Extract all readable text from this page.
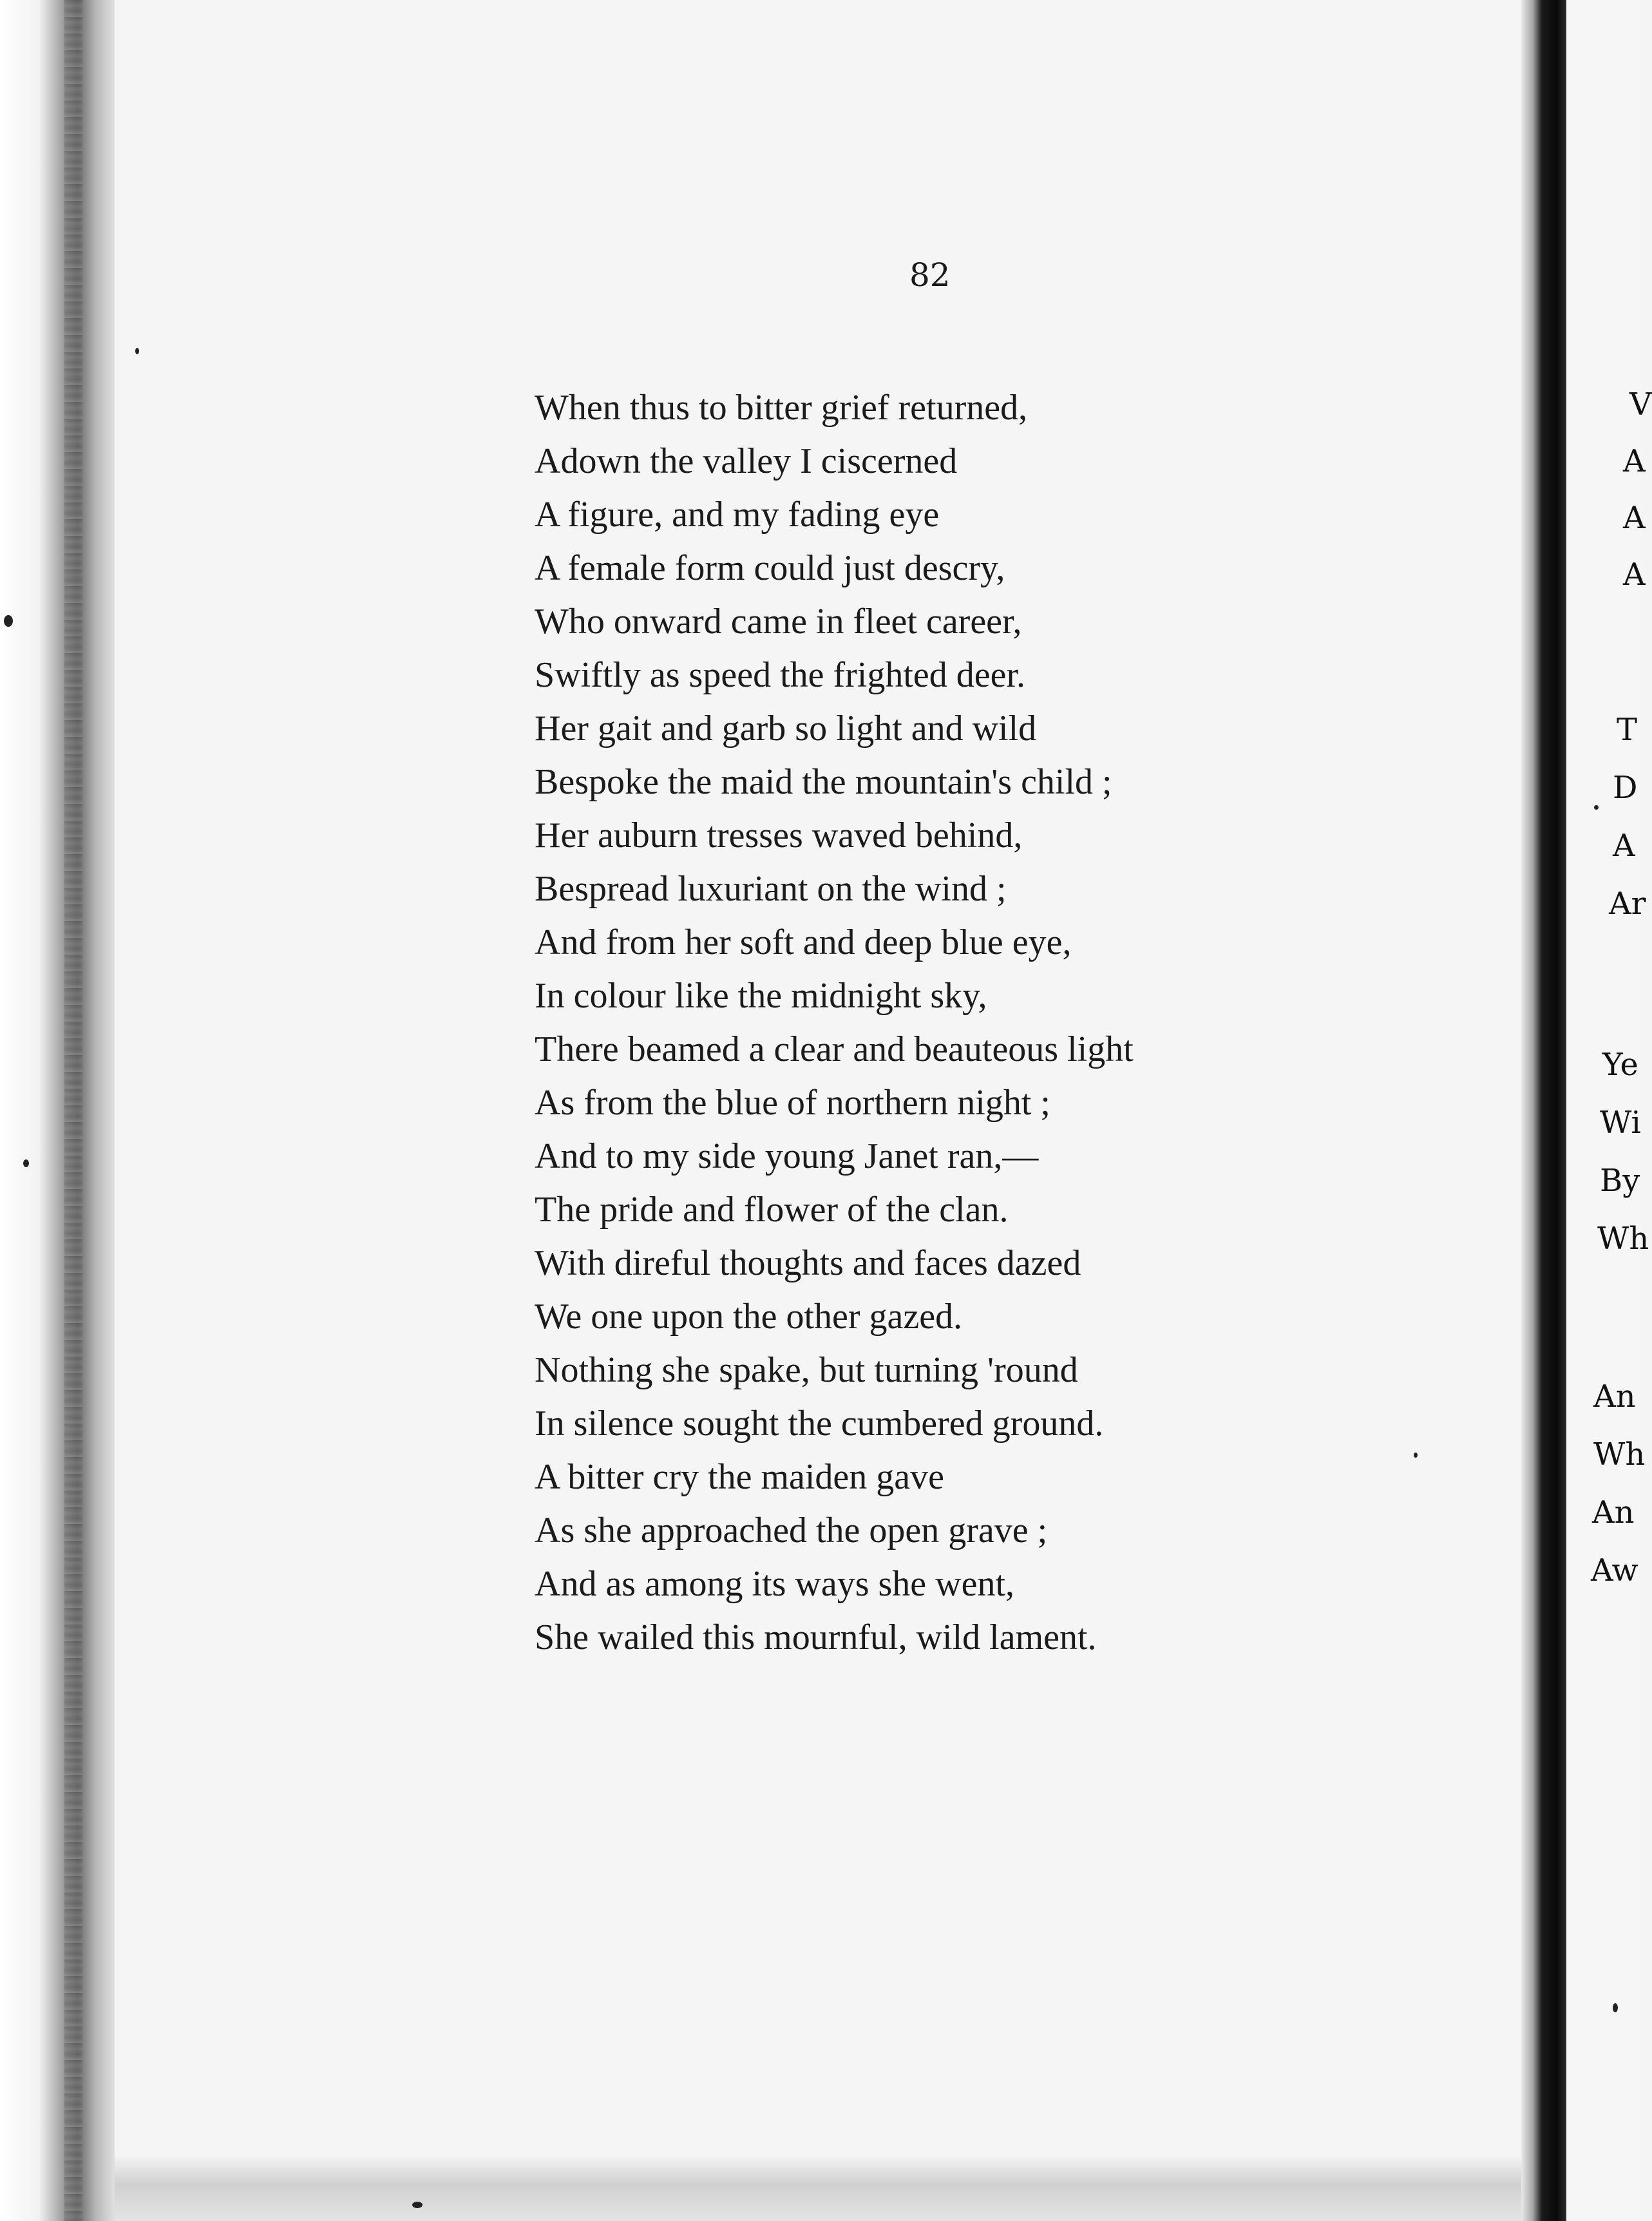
82

When thus to bitter grief returned,
Adown the valley I ciscerned
A figure, and my fading eye
A female form could just descry,
Who onward came in fleet career,
Swiftly as speed the frighted deer.
Her gait and garb so light and wild
Bespoke the maid the mountain's child ;
Her auburn tresses waved behind,
Bespread luxuriant on the wind ;
And from her soft and deep blue eye,
In colour like the midnight sky,
There beamed a clear and beauteous light
As from the blue of northern night ;
And to my side young Janet ran,—
The pride and flower of the clan.
With direful thoughts and faces dazed
We one upon the other gazed.
Nothing she spake, but turning 'round
In silence sought the cumbered ground.
A bitter cry the maiden gave
As she approached the open grave ;
And as among its ways she went,
She wailed this mournful, wild lament.

V

A

A

A

T

D

A

Ar

Ye

Wi

By

Wh

An

Wh

An

Aw
